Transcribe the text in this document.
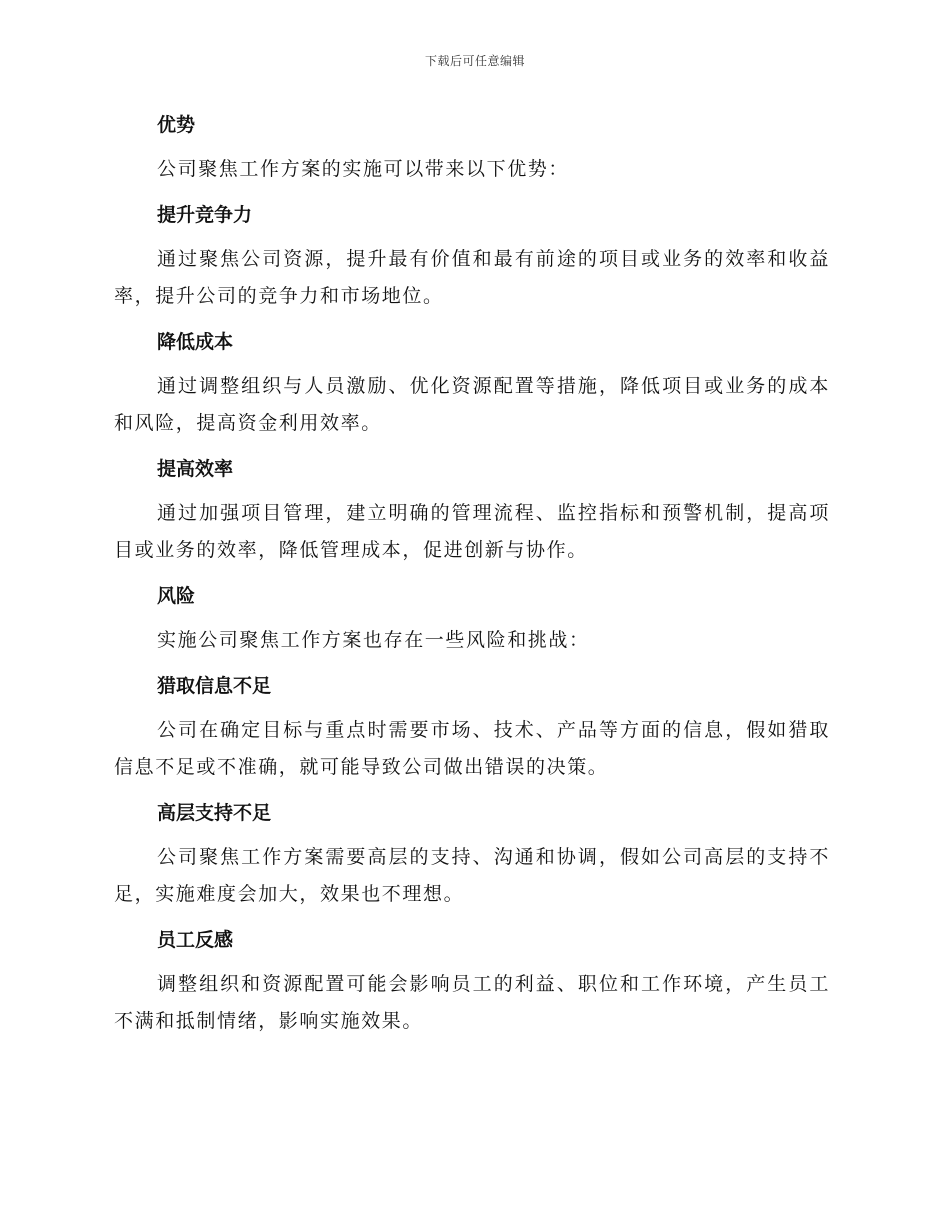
下载后可任意编辑
优势

公司聚焦工作方案的实施可以带来以下优势：

提升竞争力

通过聚焦公司资源，提升最有价值和最有前途的项目或业务的效率和收益率，提升公司的竞争力和市场地位。

降低成本

通过调整组织与人员激励、优化资源配置等措施，降低项目或业务的成本和风险，提高资金利用效率。

提高效率

通过加强项目管理，建立明确的管理流程、监控指标和预警机制，提高项目或业务的效率，降低管理成本，促进创新与协作。

风险

实施公司聚焦工作方案也存在一些风险和挑战：

猎取信息不足

公司在确定目标与重点时需要市场、技术、产品等方面的信息，假如猎取信息不足或不准确，就可能导致公司做出错误的决策。

高层支持不足

公司聚焦工作方案需要高层的支持、沟通和协调，假如公司高层的支持不足，实施难度会加大，效果也不理想。

员工反感

调整组织和资源配置可能会影响员工的利益、职位和工作环境，产生员工不满和抵制情绪，影响实施效果。
